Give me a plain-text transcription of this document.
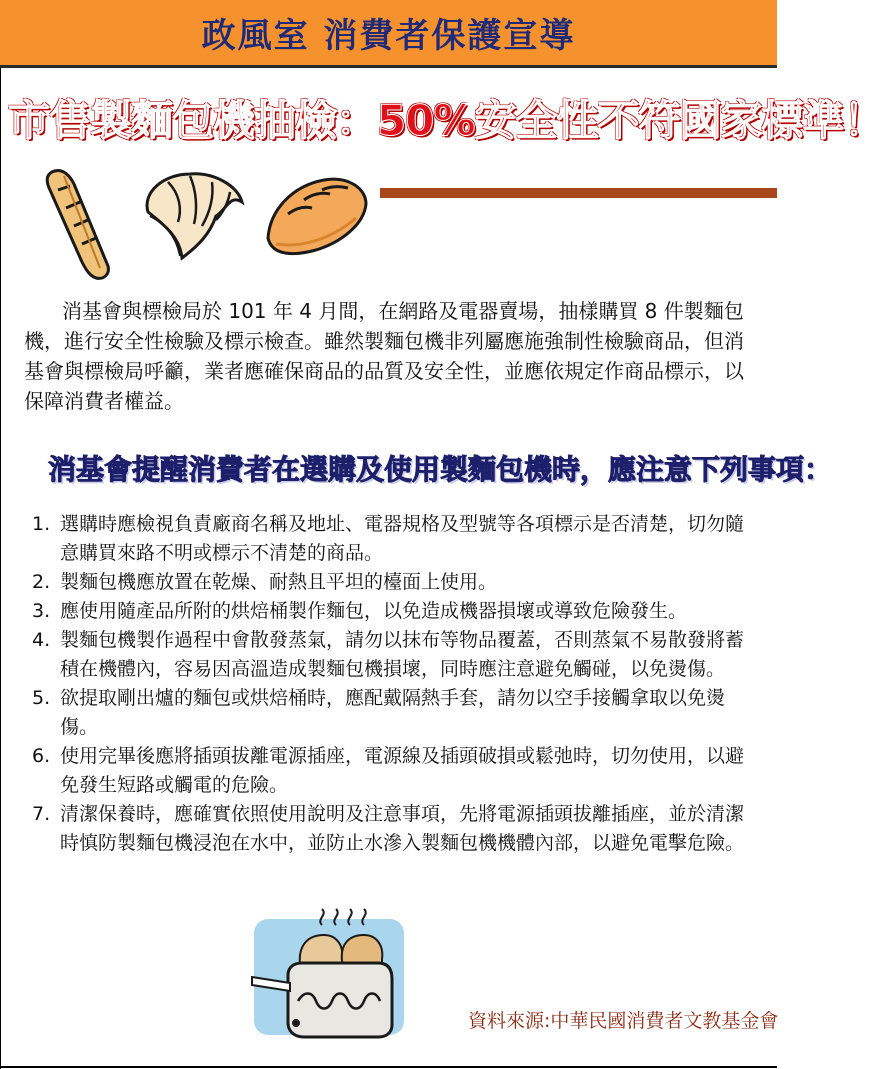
政風室 消費者保護宣導
市售製麵包機抽檢：50%安全性不符國家標準！

消基會與標檢局於 101 年 4 月間，在網路及電器賣場，抽樣購買 8 件製麵包機，進行安全性檢驗及標示檢查。雖然製麵包機非列屬應施強制性檢驗商品，但消基會與標檢局呼籲，業者應確保商品的品質及安全性，並應依規定作商品標示，以保障消費者權益。

消基會提醒消費者在選購及使用製麵包機時，應注意下列事項：
1. 選購時應檢視負責廠商名稱及地址、電器規格及型號等各項標示是否清楚，切勿隨意購買來路不明或標示不清楚的商品。
2. 製麵包機應放置在乾燥、耐熱且平坦的檯面上使用。
3. 應使用隨產品所附的烘焙桶製作麵包，以免造成機器損壞或導致危險發生。
4. 製麵包機製作過程中會散發蒸氣，請勿以抹布等物品覆蓋，否則蒸氣不易散發將蓄積在機體內，容易因高溫造成製麵包機損壞，同時應注意避免觸碰，以免燙傷。
5. 欲提取剛出爐的麵包或烘焙桶時，應配戴隔熱手套，請勿以空手接觸拿取以免燙傷。
6. 使用完畢後應將插頭拔離電源插座，電源線及插頭破損或鬆弛時，切勿使用，以避免發生短路或觸電的危險。
7. 清潔保養時，應確實依照使用說明及注意事項，先將電源插頭拔離插座，並於清潔時慎防製麵包機浸泡在水中，並防止水滲入製麵包機機體內部，以避免電擊危險。
資料來源:中華民國消費者文教基金會
